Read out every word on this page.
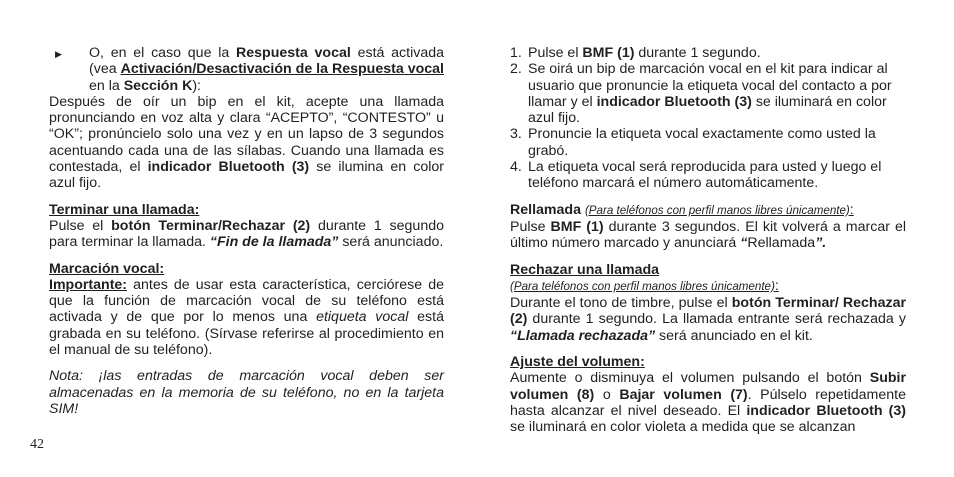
▶ O, en el caso que la Respuesta vocal está activada (vea Activación/Desactivación de la Respuesta vocal en la Sección K):

Después de oír un bip en el kit, acepte una llamada pronunciando en voz alta y clara “ACEPTO”, “CONTESTO” u “OK”; pronúncielo solo una vez y en un lapso de 3 segundos acentuando cada una de las sílabas. Cuando una llamada es contestada, el indicador Bluetooth (3) se ilumina en color azul fijo.

Terminar una llamada:

Pulse el botón Terminar/Rechazar (2) durante 1 segundo para terminar la llamada. “Fin de la llamada” será anunciado.

Marcación vocal:

Importante: antes de usar esta característica, cerciórese de que la función de marcación vocal de su teléfono está activada y de que por lo menos una etiqueta vocal está grabada en su teléfono. (Sírvase referirse al procedimiento en el manual de su teléfono).

Nota: ¡las entradas de marcación vocal deben ser almacenadas en la memoria de su teléfono, no en la tarjeta SIM!

1. Pulse el BMF (1) durante 1 segundo.
2. Se oirá un bip de marcación vocal en el kit para indicar al usuario que pronuncie la etiqueta vocal del contacto a por llamar y el indicador Bluetooth (3) se iluminará en color azul fijo.
3. Pronuncie la etiqueta vocal exactamente como usted la grabó.
4. La etiqueta vocal será reproducida para usted y luego el teléfono marcará el número automáticamente.

Rellamada (Para teléfonos con perfil manos libres únicamente):

Pulse BMF (1) durante 3 segundos. El kit volverá a marcar el último número marcado y anunciará “Rellamada”.

Rechazar una llamada

(Para teléfonos con perfil manos libres únicamente):

Durante el tono de timbre, pulse el botón Terminar/ Rechazar (2) durante 1 segundo. La llamada entrante será rechazada y “Llamada rechazada” será anunciado en el kit.

Ajuste del volumen:

Aumente o disminuya el volumen pulsando el botón Subir volumen (8) o Bajar volumen (7). Púlselo repetidamente hasta alcanzar el nivel deseado. El indicador Bluetooth (3) se iluminará en color violeta a medida que se alcanzan

42
